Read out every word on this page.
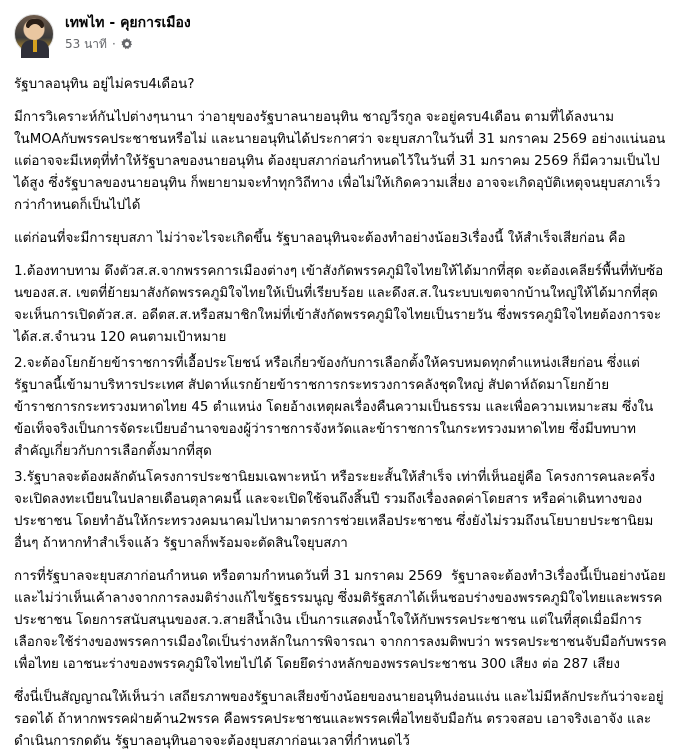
เทพไท - คุยการเมือง
53 นาที ·

รัฐบาลอนุทิน อยู่ไม่ครบ4เดือน?

มีการวิเคราะห์กันไปต่างๆนานา ว่าอายุของรัฐบาลนายอนุทิน ชาญวีรกูล จะอยู่ครบ4เดือน ตามที่ได้ลงนามในMOAกับพรรคประชาชนหรือไม่ และนายอนุทินได้ประกาศว่า จะยุบสภาในวันที่ 31 มกราคม 2569 อย่างแน่นอน แต่อาจจะมีเหตุที่ทำให้รัฐบาลของนายอนุทิน ต้องยุบสภาก่อนกำหนดไว้ในวันที่ 31 มกราคม 2569 ก็มีความเป็นไปได้สูง ซึ่งรัฐบาลของนายอนุทิน ก็พยายามจะทำทุกวิถีทาง เพื่อไม่ให้เกิดความเสี่ยง อาจจะเกิดอุบัติเหตุจนยุบสภาเร็วกว่ากำหนดก็เป็นไปได้

แต่ก่อนที่จะมีการยุบสภา ไม่ว่าจะไรจะเกิดขึ้น รัฐบาลอนุทินจะต้องทำอย่างน้อย3เรื่องนี้ ให้สำเร็จเสียก่อน คือ

1.ต้องทาบทาม ดึงตัวส.ส.จากพรรคการเมืองต่างๆ เข้าสังกัดพรรคภูมิใจไทยให้ได้มากที่สุด จะต้องเคลียร์พื้นที่ทับซ้อนของส.ส. เขตที่ย้ายมาสังกัดพรรคภูมิใจไทยให้เป็นที่เรียบร้อย และดึงส.ส.ในระบบเขตจากบ้านใหญ่ให้ได้มากที่สุด จะเห็นการเปิดตัวส.ส. อดีตส.ส.หรือสมาชิกใหม่ที่เข้าสังกัดพรรคภูมิใจไทยเป็นรายวัน ซึ่งพรรคภูมิใจไทยต้องการจะได้ส.ส.จำนวน 120 คนตามเป้าหมาย

2.จะต้องโยกย้ายข้าราชการที่เอื้อประโยชน์ หรือเกี่ยวข้องกับการเลือกตั้งให้ครบหมดทุกตำแหน่งเสียก่อน ซึ่งแต่รัฐบาลนี้เข้ามาบริหารประเทศ สัปดาห์แรกย้ายข้าราชการกระทรวงการคลังชุดใหญ่ สัปดาห์ถัดมาโยกย้ายข้าราชการกระทรวงมหาดไทย 45 ตำแหน่ง โดยอ้างเหตุผลเรื่องคืนความเป็นธรรม และเพื่อความเหมาะสม ซึ่งในข้อเท็จจริงเป็นการจัดระเบียบอำนาจของผู้ว่าราชการจังหวัดและข้าราชการในกระทรวงมหาดไทย ซึ่งมีบทบาทสำคัญเกี่ยวกับการเลือกตั้งมากที่สุด

3.รัฐบาลจะต้องผลักดันโครงการประชานิยมเฉพาะหน้า หรือระยะสั้นให้สำเร็จ เท่าที่เห็นอยู่คือ โครงการคนละครึ่ง จะเปิดลงทะเบียนในปลายเดือนตุลาคมนี้ และจะเปิดใช้จนถึงสิ้นปี รวมถึงเรื่องลดค่าโดยสาร หรือค่าเดินทางของประชาชน โดยทำอันให้กระทรวงคมนาคมไปหามาตรการช่วยเหลือประชาชน ซึ่งยังไม่รวมถึงนโยบายประชานิยมอื่นๆ ถ้าหากทำสำเร็จแล้ว รัฐบาลก็พร้อมจะตัดสินใจยุบสภา

การที่รัฐบาลจะยุบสภาก่อนกำหนด หรือตามกำหนดวันที่ 31 มกราคม 2569  รัฐบาลจะต้องทำ3เรื่องนี้เป็นอย่างน้อย และไม่ว่าเห็นเค้าลางจากการลงมติร่างแก้ไขรัฐธรรมนูญ ซึ่งมติรัฐสภาได้เห็นชอบร่างของพรรคภูมิใจไทยและพรรคประชาชน โดยการสนับสนุนของส.ว.สายสีน้ำเงิน เป็นการแสดงน้ำใจให้กับพรรคประชาชน แต่ในที่สุดเมื่อมีการเลือกจะใช้ร่างของพรรคการเมืองใดเป็นร่างหลักในการพิจารณา จากการลงมติพบว่า พรรคประชาชนจับมือกับพรรคเพื่อไทย เอาชนะร่างของพรรคภูมิใจไทยไปได้ โดยยึดร่างหลักของพรรคประชาชน 300 เสียง ต่อ 287 เสียง

ซึ่งนี่เป็นสัญญาณให้เห็นว่า เสถียรภาพของรัฐบาลเสียงข้างน้อยของนายอนุทินง่อนแง่น และไม่มีหลักประกันว่าจะอยู่รอดได้ ถ้าหากพรรคฝ่ายค้าน2พรรค คือพรรคประชาชนและพรรคเพื่อไทยจับมือกัน ตรวจสอบ เอาจริงเอาจัง และดำเนินการกดดัน รัฐบาลอนุทินอาจจะต้องยุบสภาก่อนเวลาที่กำหนดไว้
